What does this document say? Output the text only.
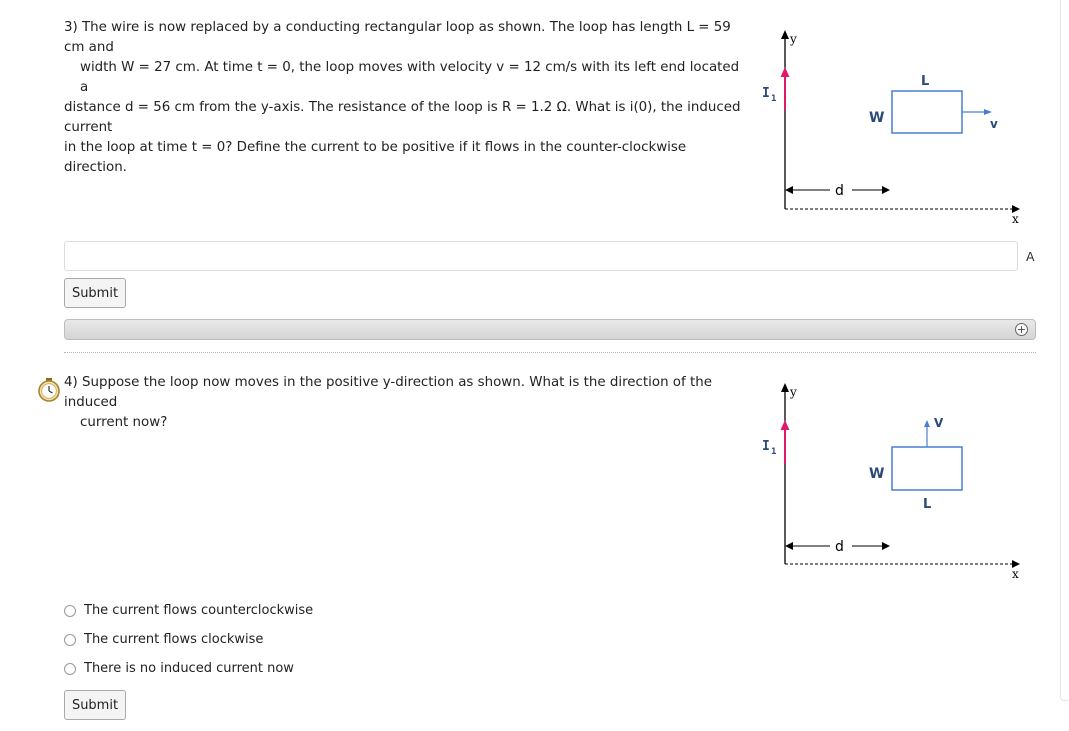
3) The wire is now replaced by a conducting rectangular loop as shown. The loop has length L = 59 cm and
width W = 27 cm. At time t = 0, the loop moves with velocity v = 12 cm/s with its left end located a
distance d = 56 cm from the y-axis. The resistance of the loop is R = 1.2 Ω. What is i(0), the induced current
in the loop at time t = 0? Define the current to be positive if it flows in the counter-clockwise direction.
y
I 1
x
d
W
L
v
A
Submit
+
4) Suppose the loop now moves in the positive y-direction as shown. What is the direction of the induced
current now?
y
I 1
x
d
W
L
V
The current flows counterclockwise
The current flows clockwise
There is no induced current now
Submit
